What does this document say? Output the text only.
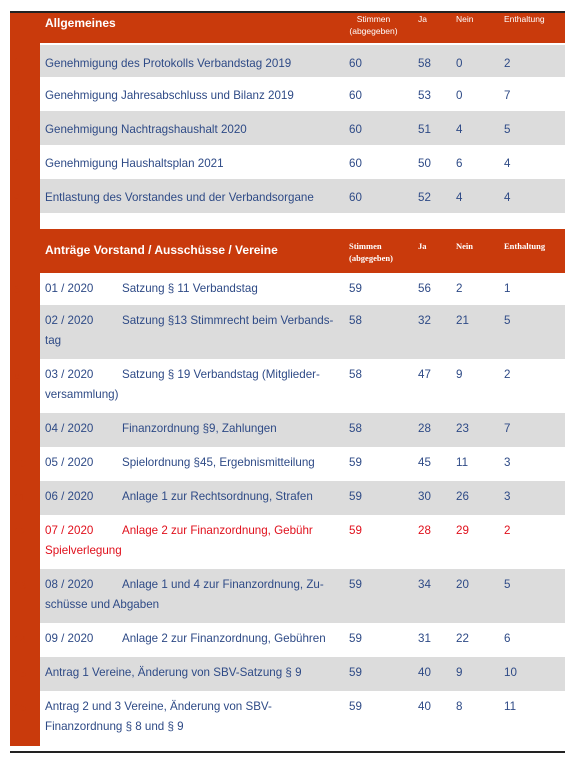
Allgemeines	Stimmen
(abgegeben)
Ja	Nein	Enthaltung
1	Genehmigung des Protokolls Verbandstag 2019	60	58	0	2
2	Genehmigung Jahresabschluss und Bilanz 2019	60	53	0	7
3	Genehmigung Nachtragshaushalt 2020	60	51	4	5
4	Genehmigung Haushaltsplan 2021	60	50	6	4
5	Entlastung des Vorstandes und der Verbandsorgane	60	52	4	4
Anträge Vorstand / Ausschüsse / Vereine	Stimmen
(abgegeben)
Ja	Nein	Enthaltung
6	01 / 2020 Satzung § 11 Verbandstag	59	56	2	1
7	02 / 2020 Satzung §13 Stimmrecht beim Verbands-
tag
58	32	21	5
8	03 / 2020 Satzung § 19 Verbandstag (Mitglieder-
versammlung)
58	47	9	2
9	04 / 2020 Finanzordnung §9, Zahlungen	58	28	23	7
10	05 / 2020 Spielordnung §45, Ergebnismitteilung	59	45	11	3
11	06 / 2020 Anlage 1 zur Rechtsordnung, Strafen	59	30	26	3
12	07 / 2020 Anlage 2 zur Finanzordnung, Gebühr
Spielverlegung
59	28	29	2
13	08 / 2020 Anlage 1 und 4 zur Finanzordnung, Zu-
schüsse und Abgaben
59	34	20	5
14	09 / 2020 Anlage 2 zur Finanzordnung, Gebühren	59	31	22	6
15	Antrag 1 Vereine, Änderung von SBV-Satzung § 9	59	40	9	10
16	Antrag 2 und 3 Vereine, Änderung von SBV-
Finanzordnung § 8 und § 9
59	40	8	11
